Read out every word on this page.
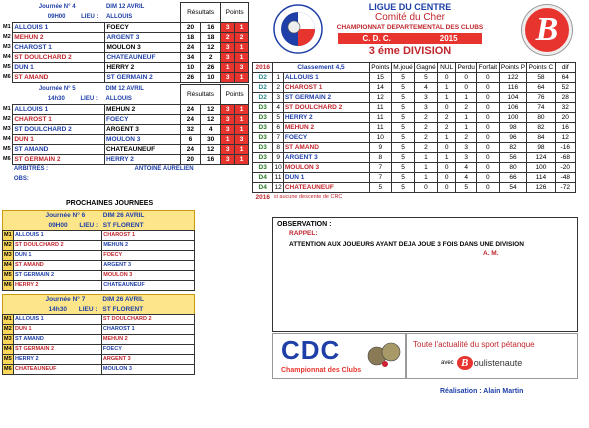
LIGUE DU CENTRE
Comité du Cher
CHAMPIONNAT DEPARTEMENTAL DES CLUBS
C. D. C.	2015
3 éme DIVISION
B
	Journée N° 4	DIM 12 AVRIL	Résultats		Points	
	09H00 LIEU :	ALLOUIS				
M1	ALLOUIS 1	FOECY	20	16	3	1
M2	MEHUN 2	ARGENT 3	18	18	2	2
M3	CHAROST 1	MOULON 3	24	12	3	1
M4	ST DOULCHARD 2	CHATEAUNEUF	34	2	3	1
M5	DUN 1	HERRY 2	10	26	1	3
M6	ST AMAND	ST GERMAIN 2	26	10	3	1
	Journée N° 5	DIM 12 AVRIL	Résultats		Points	
	14h30 LIEU :	ALLOUIS				
M1	ALLOUIS 1	MEHUN 2	24	12	3	1
M2	CHAROST 1	FOECY	24	12	3	1
M3	ST DOULCHARD 2	ARGENT 3	32	4	3	1
M4	DUN 1	MOULON 3	6	30	1	3
M5	ST AMAND	CHATEAUNEUF	24	12	3	1
M6	ST GERMAIN 2	HERRY 2	20	16	3	1
	ARBITRES :	ANTOINE AURELIEN				
	OBS:					
2016	Classement 4,5		Points	M.joué	Gagné	NUL	Perdu	Forfait	Points P	Points C	dif
D2	1	ALLOUIS 1	15	5	5	0	0	0	122	58	64
D2	2	CHAROST 1	14	5	4	1	0	0	116	64	52
D2	3	ST GERMAIN 2	12	5	3	1	1	0	104	76	28
D3	4	ST DOULCHARD 2	11	5	3	0	2	0	106	74	32
D3	5	HERRY 2	11	5	2	2	1	0	100	80	20
D3	6	MEHUN 2	11	5	2	2	1	0	98	82	16
D3	7	FOECY	10	5	2	1	2	0	96	84	12
D3	8	ST AMAND	9	5	2	0	3	0	82	98	-16
D3	9	ARGENT 3	8	5	1	1	3	0	56	124	-68
D3	10	MOULON 3	7	5	1	0	4	0	80	100	-20
D4	11	DUN 1	7	5	1	0	4	0	66	114	-48
D4	12	CHATEAUNEUF	5	5	0	0	5	0	54	126	-72
2016	si aucune descente de CRC										
PROCHAINES JOURNEES
	Journée N° 6	DIM 26 AVRIL
	09H00 LIEU :	ST FLORENT
M1	ALLOUIS 1	CHAROST 1
M2	ST DOULCHARD 2	MEHUN 2
M3	DUN 1	FOECY
M4	ST AMAND	ARGENT 3
M5	ST GERMAIN 2	MOULON 3
M6	HERRY 2	CHATEAUNEUF
	Journée N° 7	DIM 26 AVRIL
	14h30 LIEU :	ST FLORENT
M1	ALLOUIS 1	ST DOULCHARD 2
M2	DUN 1	CHAROST 1
M3	ST AMAND	MEHUN 2
M4	ST GERMAIN 2	FOECY
M5	HERRY 2	ARGENT 3
M6	CHATEAUNEUF	MOULON 3
OBSERVATION :
RAPPEL:
ATTENTION AUX JOUEURS AYANT DEJA JOUE 3 FOIS DANS UNE DIVISION
A. M.
CDC
Championnat des Clubs
Toute l'actualité du sport pétanque
avec B oulistenaute
Réalisation : Alain Martin
